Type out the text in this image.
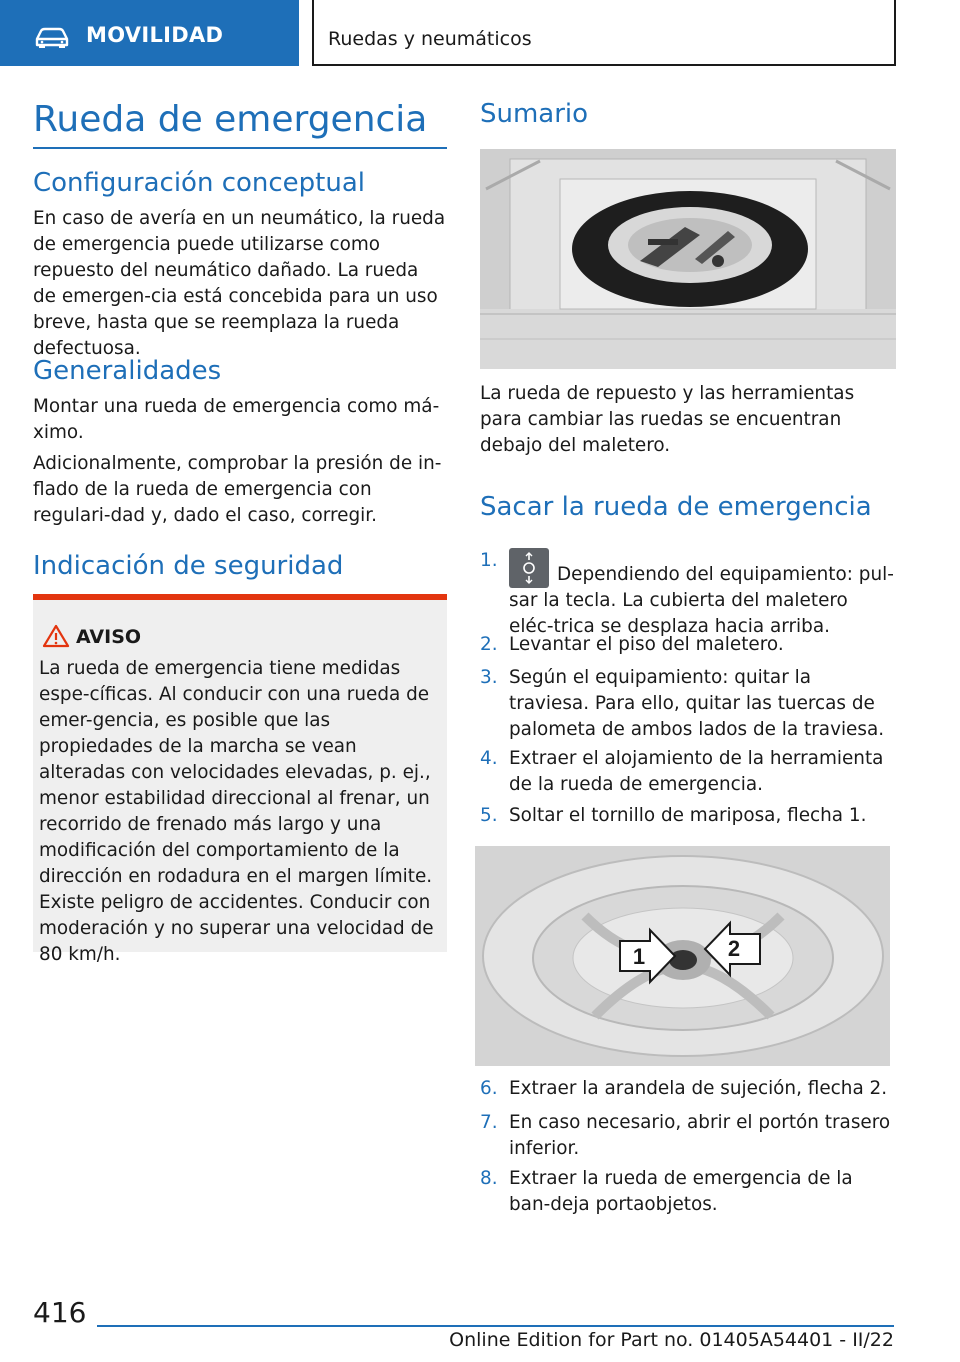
MOVILIDAD	Ruedas y neumáticos
Rueda de emergencia
Configuración conceptual
En caso de avería en un neumático, la rueda de emergencia puede utilizarse como repuesto del neumático dañado. La rueda de emergen-cia está concebida para un uso breve, hasta que se reemplaza la rueda defectuosa.
Generalidades
Montar una rueda de emergencia como má-ximo.
Adicionalmente, comprobar la presión de in-flado de la rueda de emergencia con regulari-dad y, dado el caso, corregir.
Indicación de seguridad
AVISO
La rueda de emergencia tiene medidas espe-cíficas. Al conducir con una rueda de emer-gencia, es posible que las propiedades de la marcha se vean alteradas con velocidades elevadas, p. ej., menor estabilidad direccional al frenar, un recorrido de frenado más largo y una modificación del comportamiento de la dirección en rodadura en el margen límite. Existe peligro de accidentes. Conducir con moderación y no superar una velocidad de 80 km/h.
Sumario
La rueda de repuesto y las herramientas para cambiar las ruedas se encuentran debajo del maletero.
Sacar la rueda de emergencia
1.
Dependiendo del equipamiento: pul-sar la tecla. La cubierta del maletero eléc-trica se desplaza hacia arriba.
2. Levantar el piso del maletero.
3. Según el equipamiento: quitar la traviesa. Para ello, quitar las tuercas de palometa de ambos lados de la traviesa.
4. Extraer el alojamiento de la herramienta de la rueda de emergencia.
5. Soltar el tornillo de mariposa, flecha 1.
1	2
6. Extraer la arandela de sujeción, flecha 2.
7. En caso necesario, abrir el portón trasero inferior.
8. Extraer la rueda de emergencia de la ban-deja portaobjetos.
416
Online Edition for Part no. 01405A54401 - II/22
